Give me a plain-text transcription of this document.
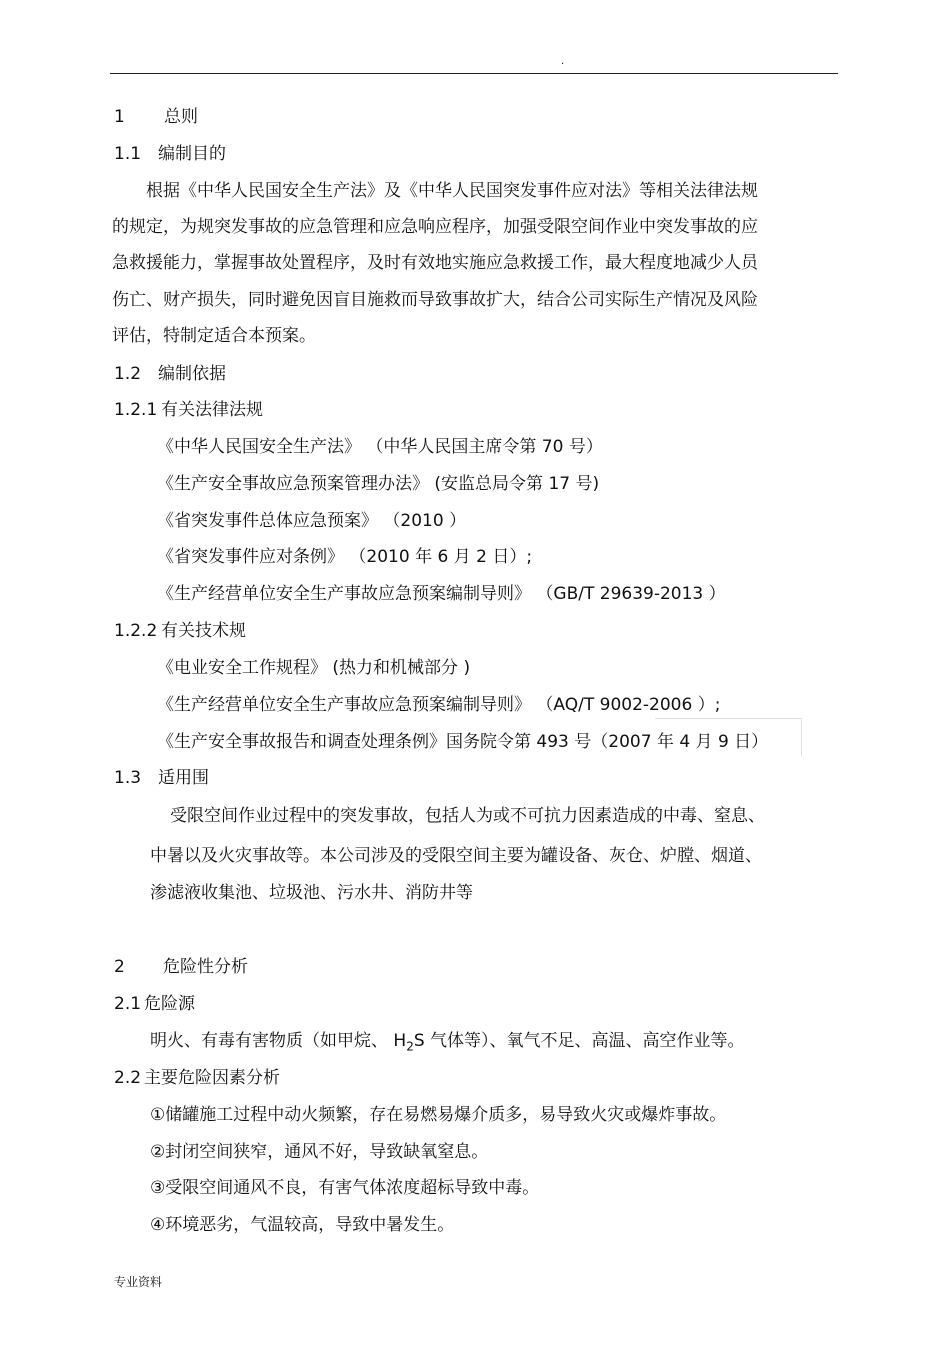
.
1 总则
1.1 编制目的
根据《中华人民国安全生产法》及《中华人民国突发事件应对法》等相关法律法规
的规定，为规突发事故的应急管理和应急响应程序，加强受限空间作业中突发事故的应
急救援能力，掌握事故处置程序，及时有效地实施应急救援工作，最大程度地减少人员
伤亡、财产损失，同时避免因盲目施救而导致事故扩大，结合公司实际生产情况及风险
评估，特制定适合本预案。
1.2 编制依据
1.2.1 有关法律法规
《中华人民国安全生产法》 （中华人民国主席令第 70 号）
《生产安全事故应急预案管理办法》 (安监总局令第 17 号)
《省突发事件总体应急预案》 （2010 ）
《省突发事件应对条例》 （2010 年 6 月 2 日）;
《生产经营单位安全生产事故应急预案编制导则》 （GB/T 29639-2013 ）
1.2.2 有关技术规
《电业安全工作规程》 (热力和机械部分 )
《生产经营单位安全生产事故应急预案编制导则》 （AQ/T 9002-2006 ）;
《生产安全事故报告和调查处理条例》国务院令第 493 号（2007 年 4 月 9 日）
1.3 适用围
受限空间作业过程中的突发事故，包括人为或不可抗力因素造成的中毒、窒息、
中暑以及火灾事故等。本公司涉及的受限空间主要为罐设备、灰仓、炉膛、烟道、
渗滤液收集池、垃圾池、污水井、消防井等
2 危险性分析
2.1 危险源
明火、有毒有害物质（如甲烷、 $H_2S$ 气体等）、氧气不足、高温、高空作业等。
2.2 主要危险因素分析
①储罐施工过程中动火频繁，存在易燃易爆介质多，易导致火灾或爆炸事故。
②封闭空间狭窄，通风不好，导致缺氧窒息。
③受限空间通风不良，有害气体浓度超标导致中毒。
④环境恶劣，气温较高，导致中暑发生。
专业资料
